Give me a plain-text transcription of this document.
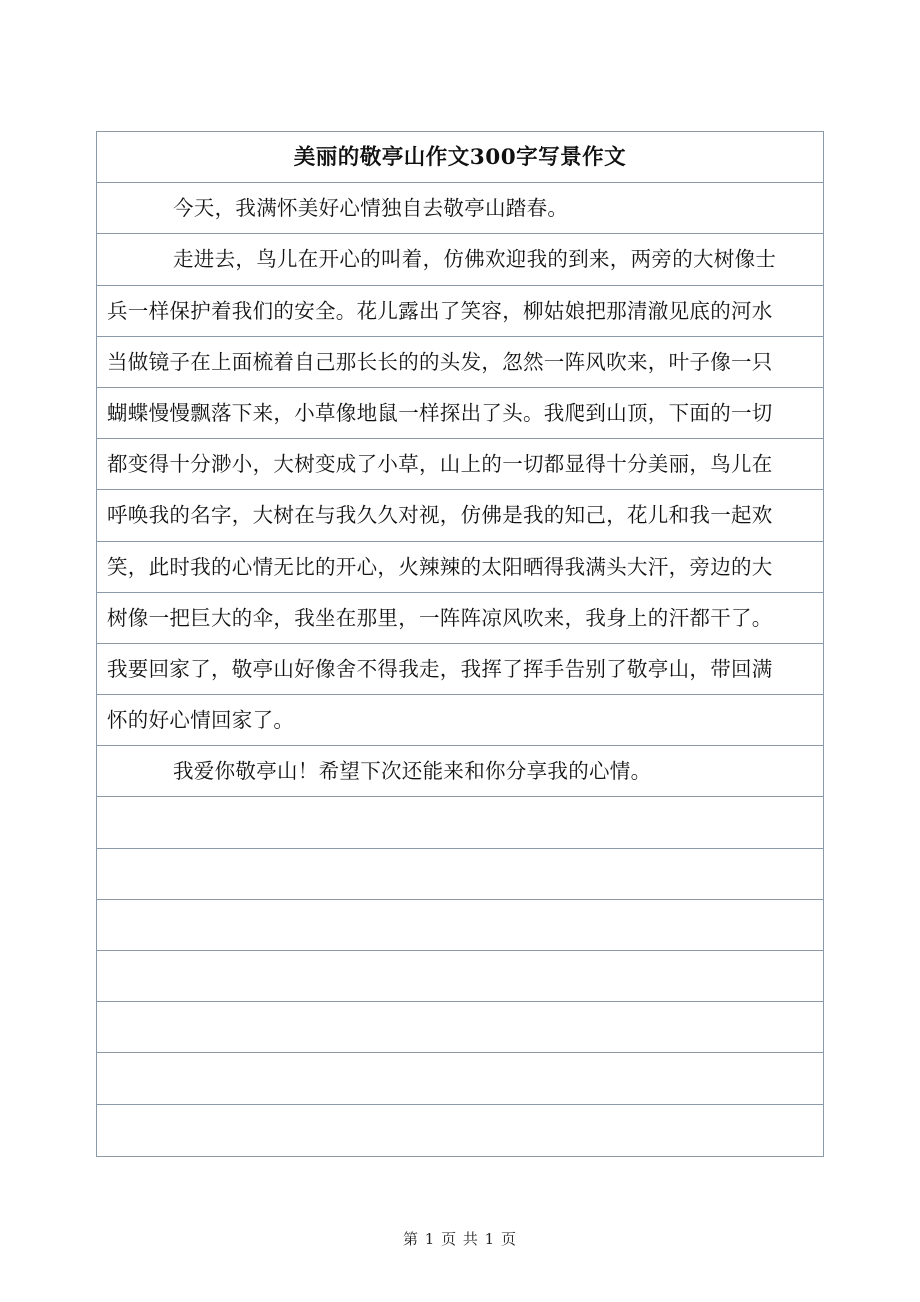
美丽的敬亭山作文300字写景作文
今天，我满怀美好心情独自去敬亭山踏春。
走进去，鸟儿在开心的叫着，仿佛欢迎我的到来，两旁的大树像士
兵一样保护着我们的安全。花儿露出了笑容，柳姑娘把那清澈见底的河水
当做镜子在上面梳着自己那长长的的头发，忽然一阵风吹来，叶子像一只
蝴蝶慢慢飘落下来，小草像地鼠一样探出了头。我爬到山顶，下面的一切
都变得十分渺小，大树变成了小草，山上的一切都显得十分美丽，鸟儿在
呼唤我的名字，大树在与我久久对视，仿佛是我的知己，花儿和我一起欢
笑，此时我的心情无比的开心，火辣辣的太阳晒得我满头大汗，旁边的大
树像一把巨大的伞，我坐在那里，一阵阵凉风吹来，我身上的汗都干了。
我要回家了，敬亭山好像舍不得我走，我挥了挥手告别了敬亭山，带回满
怀的好心情回家了。
我爱你敬亭山！希望下次还能来和你分享我的心情。
第 1 页 共 1 页
